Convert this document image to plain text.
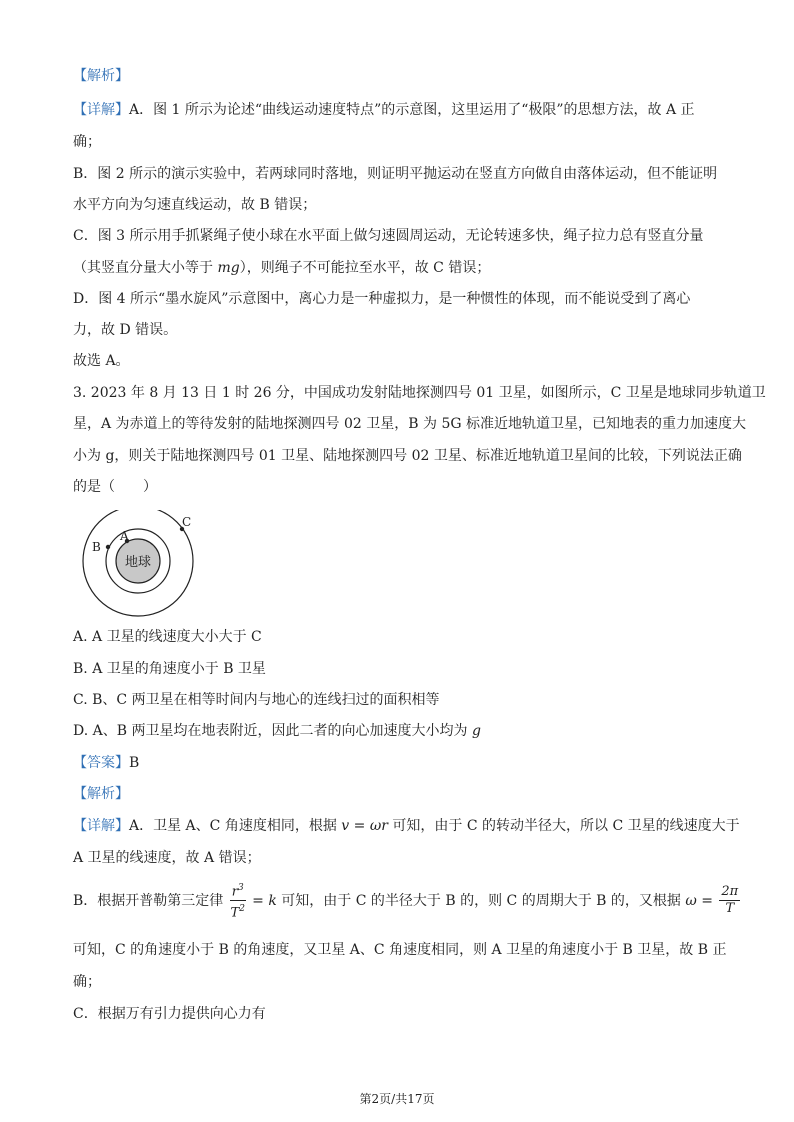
【解析】
【详解】A．图 1 所示为论述“曲线运动速度特点”的示意图，这里运用了“极限”的思想方法，故 A 正
确；
B．图 2 所示的演示实验中，若两球同时落地，则证明平抛运动在竖直方向做自由落体运动，但不能证明
水平方向为匀速直线运动，故 B 错误；
C．图 3 所示用手抓紧绳子使小球在水平面上做匀速圆周运动，无论转速多快，绳子拉力总有竖直分量
（其竖直分量大小等于 mg），则绳子不可能拉至水平，故 C 错误；
D．图 4 所示“墨水旋风”示意图中，离心力是一种虚拟力，是一种惯性的体现，而不能说受到了离心
力，故 D 错误。
故选 A。
3. 2023 年 8 月 13 日 1 时 26 分，中国成功发射陆地探测四号 01 卫星，如图所示，C 卫星是地球同步轨道卫
星，A 为赤道上的等待发射的陆地探测四号 02 卫星，B 为 5G 标准近地轨道卫星，已知地表的重力加速度大
小为 g，则关于陆地探测四号 01 卫星、陆地探测四号 02 卫星、标准近地轨道卫星间的比较，下列说法正确
的是（　　）
地球
A
B
C
A. A 卫星的线速度大小大于 C
B. A 卫星的角速度小于 B 卫星
C. B、C 两卫星在相等时间内与地心的连线扫过的面积相等
D. A、B 两卫星均在地表附近，因此二者的向心加速度大小均为 g
【答案】B
【解析】
【详解】A．卫星 A、C 角速度相同，根据 v = ωr 可知，由于 C 的转动半径大，所以 C 卫星的线速度大于
A 卫星的线速度，故 A 错误；
B．根据开普勒第三定律 $\frac{r^3}{T^2} = k$ 可知，由于 C 的半径大于 B 的，则 C 的周期大于 B 的，又根据 $\omega = \frac{2\pi}{T}$
可知，C 的角速度小于 B 的角速度，又卫星 A、C 角速度相同，则 A 卫星的角速度小于 B 卫星，故 B 正
确；
C．根据万有引力提供向心力有
第2页/共17页
